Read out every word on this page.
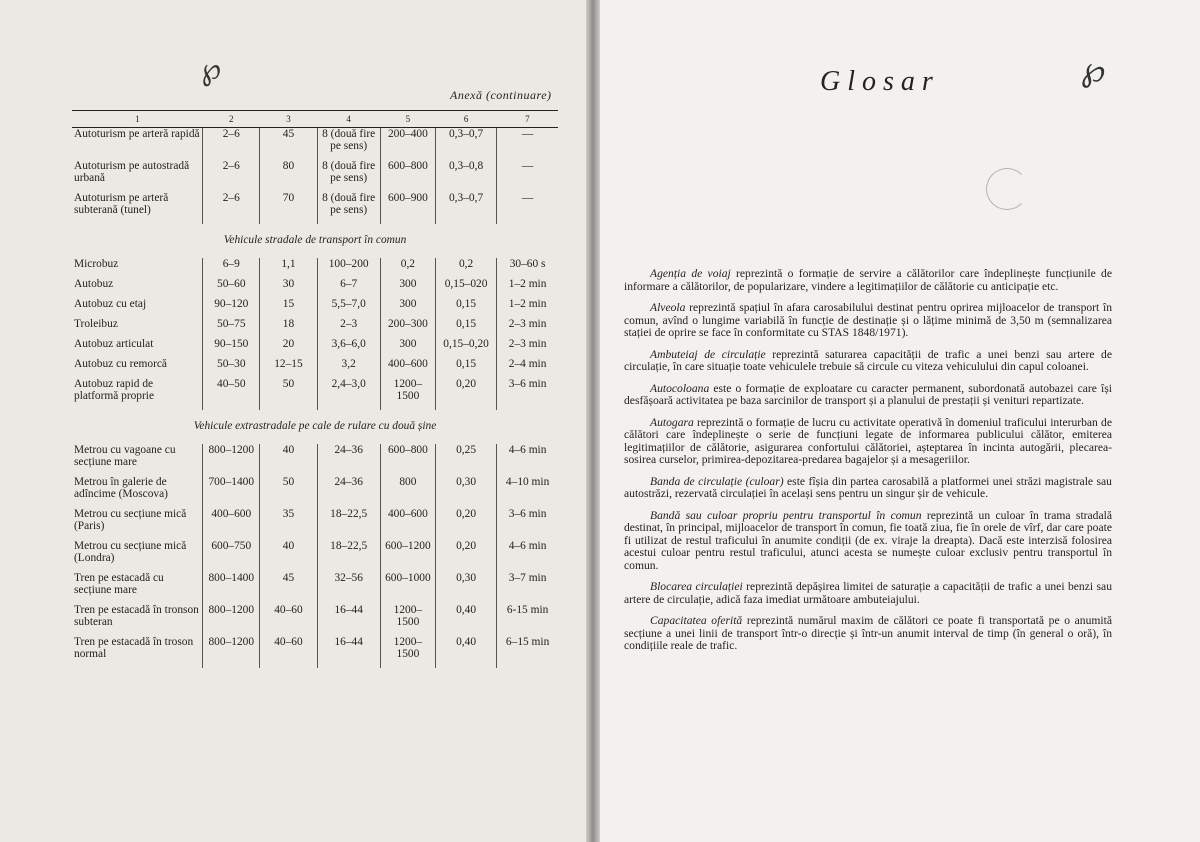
℘	℘
Anexă (continuare)
1	2	3	4	5	6	7
Autoturism pe arteră rapidă	2–6	45	8 (două fire pe sens)	200–400	0,3–0,7	—

Autoturism pe autostradă urbană	2–6	80	8 (două fire pe sens)	600–800	0,3–0,8	—

Autoturism pe arteră subterană (tunel)	2–6	70	8 (două fire pe sens)	600–900	0,3–0,7	—

Vehicule stradale de transport în comun						
Microbuz	6–9	1,1	100–200	0,2	0,2	30–60 s

Autobuz	50–60	30	6–7	300	0,15–020	1–2 min

Autobuz cu etaj	90–120	15	5,5–7,0	300	0,15	1–2 min

Troleibuz	50–75	18	2–3	200–300	0,15	2–3 min

Autobuz articulat	90–150	20	3,6–6,0	300	0,15–0,20	2–3 min

Autobuz cu remorcă	50–30	12–15	3,2	400–600	0,15	2–4 min

Autobuz rapid de platformă proprie	40–50	50	2,4–3,0	1200–1500	0,20	3–6 min

Vehicule extrastradale pe cale de rulare cu două șine						
Metrou cu vagoane cu secțiune mare	800–1200	40	24–36	600–800	0,25	4–6 min

Metrou în galerie de adîncime (Moscova)	700–1400	50	24–36	800	0,30	4–10 min

Metrou cu secțiune mică (Paris)	400–600	35	18–22,5	400–600	0,20	3–6 min

Metrou cu secțiune mică (Londra)	600–750	40	18–22,5	600–1200	0,20	4–6 min

Tren pe estacadă cu secțiune mare	800–1400	45	32–56	600–1000	0,30	3–7 min

Tren pe estacadă în tronson subteran	800–1200	40–60	16–44	1200–1500	0,40	6-15 min

Tren pe estacadă în troson normal	800–1200	40–60	16–44	1200–1500	0,40	6–15 min

Glosar

Agenția de voiaj reprezintă o formație de servire a călătorilor care îndeplinește funcțiunile de informare a călătorilor, de popularizare, vindere a legitimațiilor de călătorie cu anticipație etc.

Alveola reprezintă spațiul în afara carosabilului destinat pentru oprirea mijloacelor de transport în comun, avînd o lungime variabilă în funcție de destinație și o lățime minimă de 3,50 m (semnalizarea stației de oprire se face în conformitate cu STAS 1848/1971).

Ambuteiaj de circulație reprezintă saturarea capacității de trafic a unei benzi sau artere de circulație, în care situație toate vehiculele trebuie să circule cu viteza vehiculului din capul coloanei.

Autocoloana este o formație de exploatare cu caracter permanent, subordonată autobazei care își desfășoară activitatea pe baza sarcinilor de transport și a planului de prestații și venituri repartizate.

Autogara reprezintă o formație de lucru cu activitate operativă în domeniul traficului interurban de călători care îndeplinește o serie de funcțiuni legate de informarea publicului călător, emiterea legitimațiilor de călătorie, asigurarea confortului călătoriei, așteptarea în incinta autogării, plecarea-sosirea curselor, primirea-depozitarea-predarea bagajelor și a mesageriilor.

Banda de circulație (culoar) este fîșia din partea carosabilă a platformei unei străzi magistrale sau autostrăzi, rezervată circulației în același sens pentru un singur șir de vehicule.

Bandă sau culoar propriu pentru transportul în comun reprezintă un culoar în trama stradală destinat, în principal, mijloacelor de transport în comun, fie toată ziua, fie în orele de vîrf, dar care poate fi utilizat de restul traficului în anumite condiții (de ex. viraje la dreapta). Dacă este interzisă folosirea acestui culoar pentru restul traficului, atunci acesta se numește culoar exclusiv pentru transportul în comun.

Blocarea circulației reprezintă depășirea limitei de saturație a capacității de trafic a unei benzi sau artere de circulație, adică faza imediat următoare ambuteiajului.

Capacitatea oferită reprezintă numărul maxim de călători ce poate fi transportată pe o anumită secțiune a unei linii de transport într-o direcție și într-un anumit interval de timp (în general o oră), în condițiile reale de trafic.
